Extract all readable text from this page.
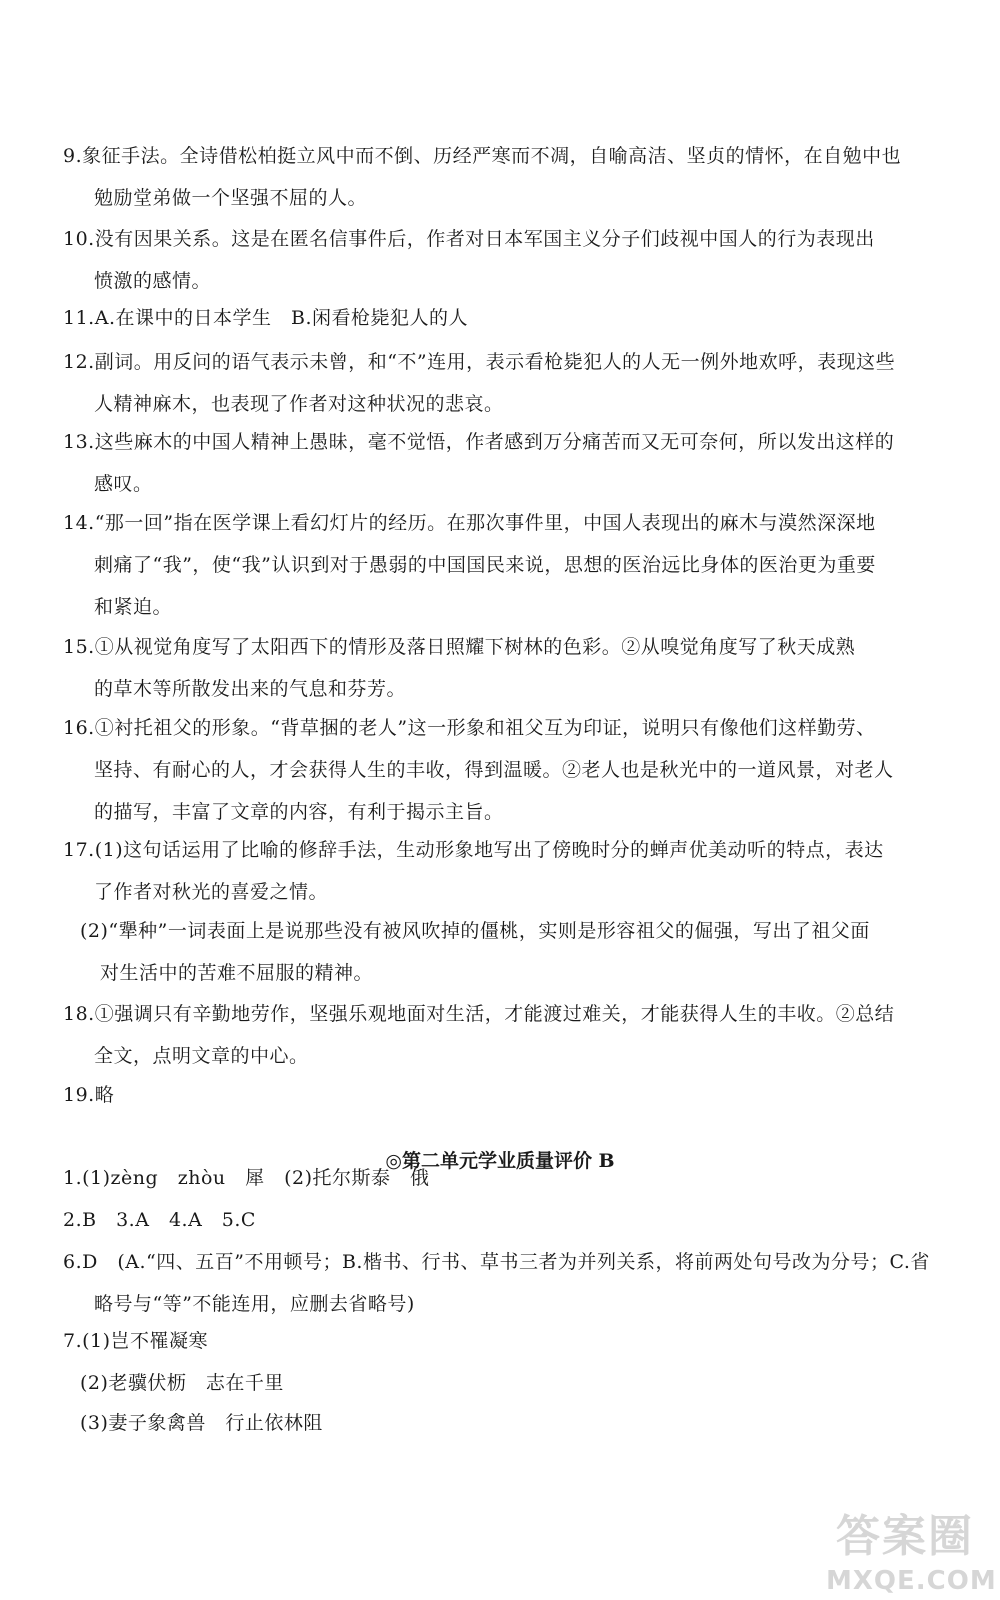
9.象征手法。全诗借松柏挺立风中而不倒、历经严寒而不凋，自喻高洁、坚贞的情怀，在自勉中也
勉励堂弟做一个坚强不屈的人。
10.没有因果关系。这是在匿名信事件后，作者对日本军国主义分子们歧视中国人的行为表现出
愤激的感情。
11.A.在课中的日本学生　B.闲看枪毙犯人的人
12.副词。用反问的语气表示未曾，和“不”连用，表示看枪毙犯人的人无一例外地欢呼，表现这些
人精神麻木，也表现了作者对这种状况的悲哀。
13.这些麻木的中国人精神上愚昧，毫不觉悟，作者感到万分痛苦而又无可奈何，所以发出这样的
感叹。
14.“那一回”指在医学课上看幻灯片的经历。在那次事件里，中国人表现出的麻木与漠然深深地
刺痛了“我”，使“我”认识到对于愚弱的中国国民来说，思想的医治远比身体的医治更为重要
和紧迫。
15.①从视觉角度写了太阳西下的情形及落日照耀下树林的色彩。②从嗅觉角度写了秋天成熟
的草木等所散发出来的气息和芬芳。
16.①衬托祖父的形象。“背草捆的老人”这一形象和祖父互为印证，说明只有像他们这样勤劳、
坚持、有耐心的人，才会获得人生的丰收，得到温暖。②老人也是秋光中的一道风景，对老人
的描写，丰富了文章的内容，有利于揭示主旨。
17.(1)这句话运用了比喻的修辞手法，生动形象地写出了傍晚时分的蝉声优美动听的特点，表达
了作者对秋光的喜爱之情。
(2)“犟种”一词表面上是说那些没有被风吹掉的僵桃，实则是形容祖父的倔强，写出了祖父面
对生活中的苦难不屈服的精神。
18.①强调只有辛勤地劳作，坚强乐观地面对生活，才能渡过难关，才能获得人生的丰收。②总结
全文，点明文章的中心。
19.略
◎第二单元学业质量评价 B
1.(1)zèng　zhòu　犀　(2)托尔斯泰　俄
2.B　3.A　4.A　5.C
6.D　(A.“四、五百”不用顿号；B.楷书、行书、草书三者为并列关系，将前两处句号改为分号；C.省
略号与“等”不能连用，应删去省略号)
7.(1)岂不罹凝寒
(2)老骥伏枥　志在千里
(3)妻子象禽兽　行止依林阻
答案圈
MXQE.COM
